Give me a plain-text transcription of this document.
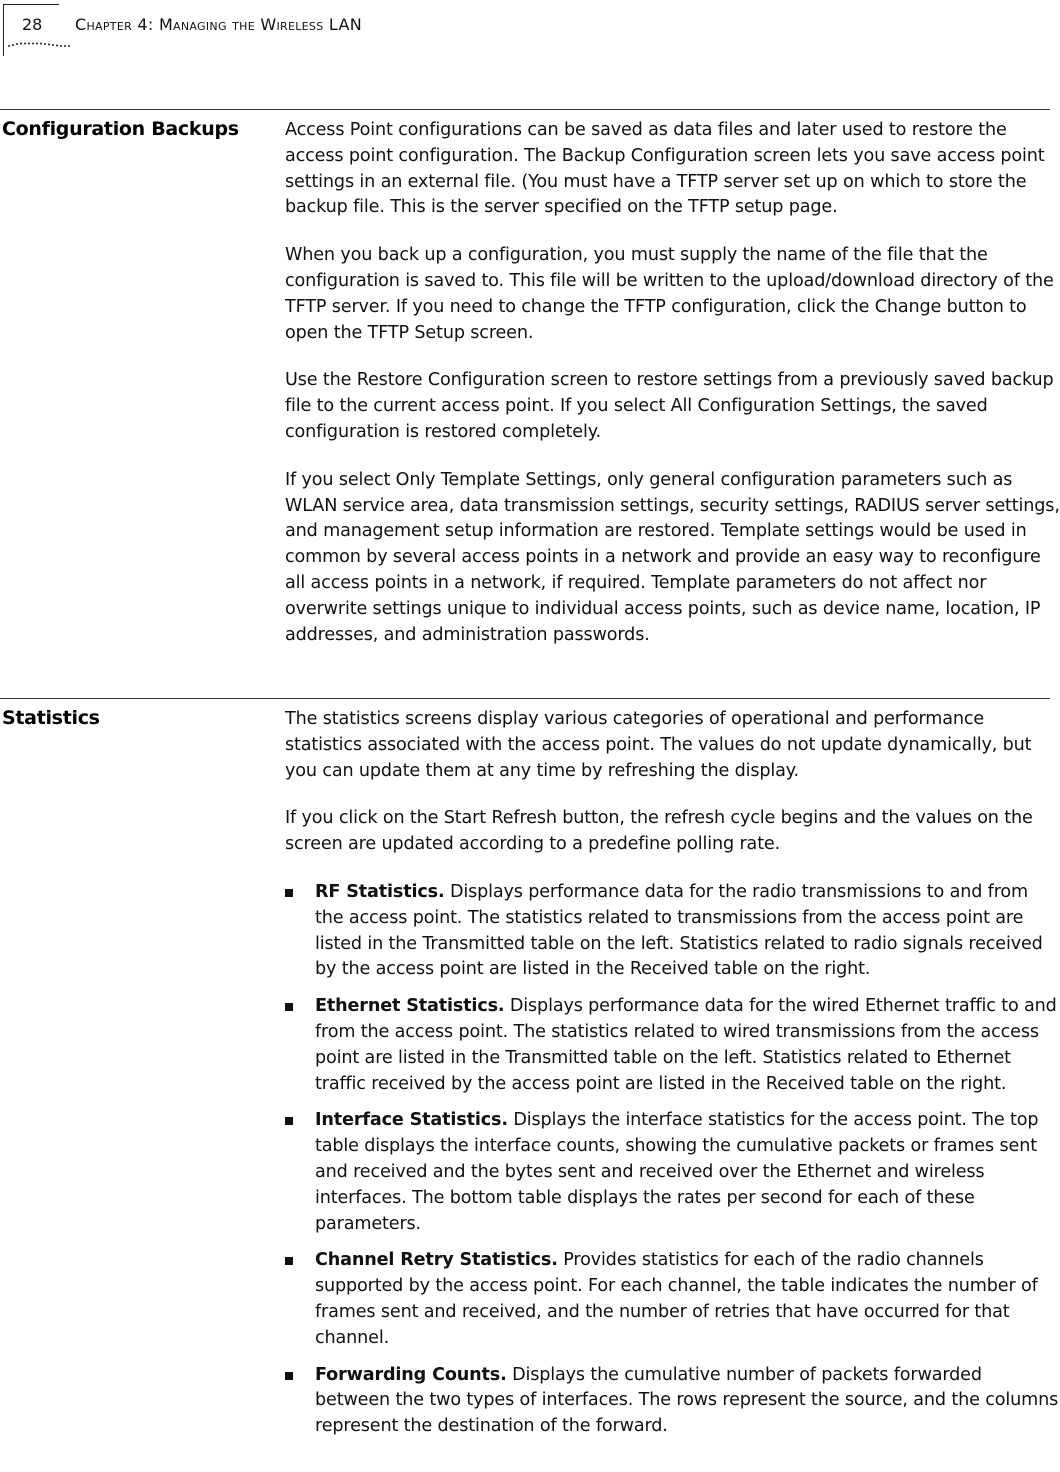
28 Chapter 4: Managing the Wireless LAN
Configuration Backups	Access Point configurations can be saved as data files and later used to restore the access point configuration. The Backup Configuration screen lets you save access point settings in an external file. (You must have a TFTP server set up on which to store the backup file. This is the server specified on the TFTP setup page.

When you back up a configuration, you must supply the name of the file that the configuration is saved to. This file will be written to the upload/download directory of the TFTP server. If you need to change the TFTP configuration, click the Change button to open the TFTP Setup screen.

Use the Restore Configuration screen to restore settings from a previously saved backup file to the current access point. If you select All Configuration Settings, the saved configuration is restored completely.

If you select Only Template Settings, only general configuration parameters such as WLAN service area, data transmission settings, security settings, RADIUS server settings, and management setup information are restored. Template settings would be used in common by several access points in a network and provide an easy way to reconfigure all access points in a network, if required. Template parameters do not affect nor overwrite settings unique to individual access points, such as device name, location, IP addresses, and administration passwords.

Statistics	The statistics screens display various categories of operational and performance statistics associated with the access point. The values do not update dynamically, but you can update them at any time by refreshing the display.

If you click on the Start Refresh button, the refresh cycle begins and the values on the screen are updated according to a predefine polling rate.

RF Statistics. Displays performance data for the radio transmissions to and from the access point. The statistics related to transmissions from the access point are listed in the Transmitted table on the left. Statistics related to radio signals received by the access point are listed in the Received table on the right.
Ethernet Statistics. Displays performance data for the wired Ethernet traffic to and from the access point. The statistics related to wired transmissions from the access point are listed in the Transmitted table on the left. Statistics related to Ethernet traffic received by the access point are listed in the Received table on the right.
Interface Statistics. Displays the interface statistics for the access point. The top table displays the interface counts, showing the cumulative packets or frames sent and received and the bytes sent and received over the Ethernet and wireless interfaces. The bottom table displays the rates per second for each of these parameters.
Channel Retry Statistics. Provides statistics for each of the radio channels supported by the access point. For each channel, the table indicates the number of frames sent and received, and the number of retries that have occurred for that channel.
Forwarding Counts. Displays the cumulative number of packets forwarded between the two types of interfaces. The rows represent the source, and the columns represent the destination of the forward.
